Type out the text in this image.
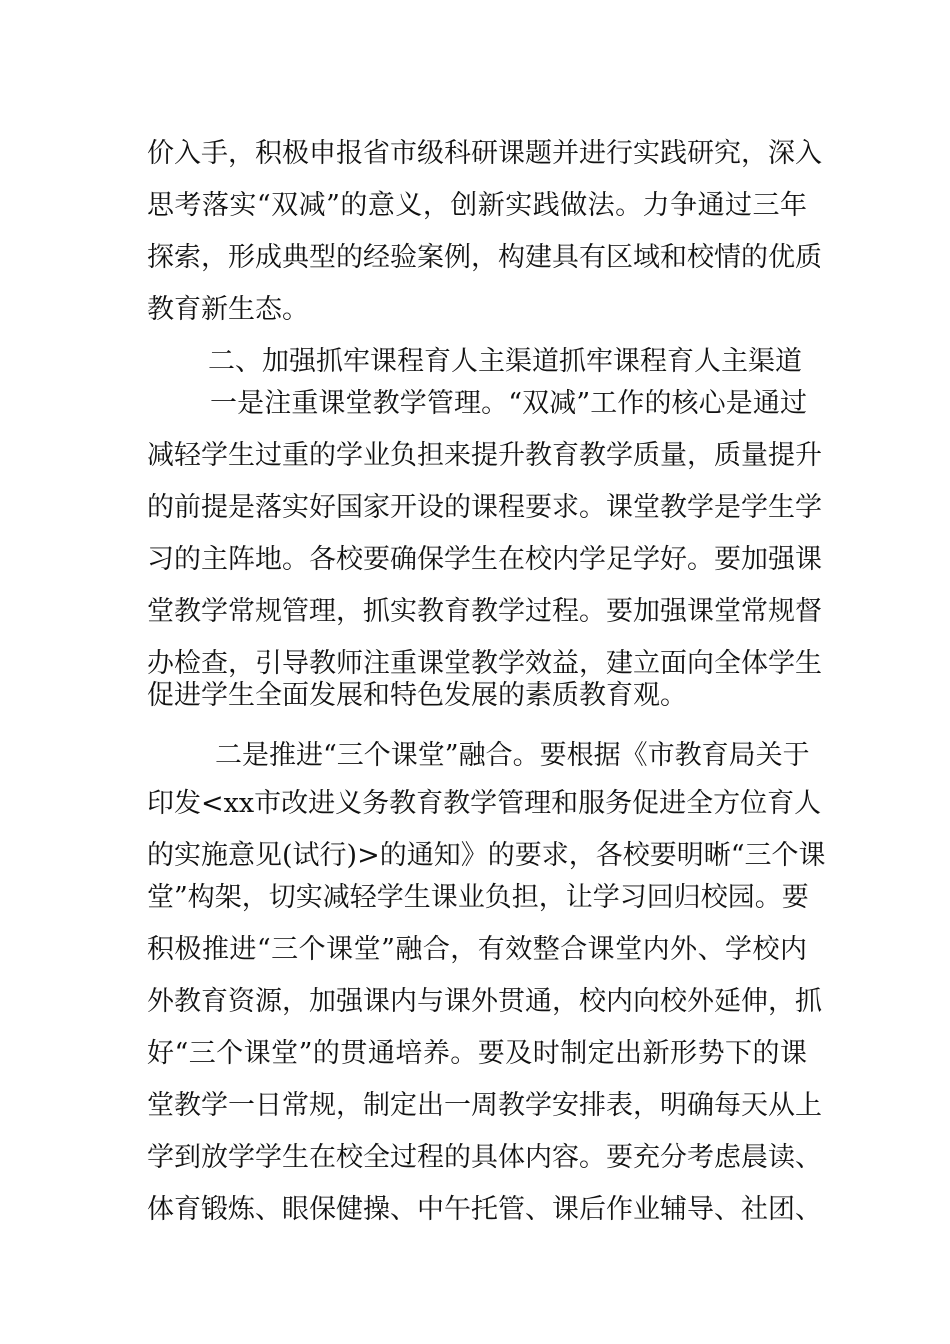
价入手，积极申报省市级科研课题并进行实践研究，深入
思考落实“双减”的意义，创新实践做法。力争通过三年
探索，形成典型的经验案例，构建具有区域和校情的优质
教育新生态。
二、加强抓牢课程育人主渠道抓牢课程育人主渠道
一是注重课堂教学管理。“双减”工作的核心是通过
减轻学生过重的学业负担来提升教育教学质量，质量提升
的前提是落实好国家开设的课程要求。课堂教学是学生学
习的主阵地。各校要确保学生在校内学足学好。要加强课
堂教学常规管理，抓实教育教学过程。要加强课堂常规督
办检查，引导教师注重课堂教学效益，建立面向全体学生
促进学生全面发展和特色发展的素质教育观。
二是推进“三个课堂”融合。要根据《市教育局关于
印发<xx市改进义务教育教学管理和服务促进全方位育人
的实施意见(试行)>的通知》的要求，各校要明晰“三个课
堂”构架，切实减轻学生课业负担，让学习回归校园。要
积极推进“三个课堂”融合，有效整合课堂内外、学校内
外教育资源，加强课内与课外贯通，校内向校外延伸，抓
好“三个课堂”的贯通培养。要及时制定出新形势下的课
堂教学一日常规，制定出一周教学安排表，明确每天从上
学到放学学生在校全过程的具体内容。要充分考虑晨读、
体育锻炼、眼保健操、中午托管、课后作业辅导、社团、
